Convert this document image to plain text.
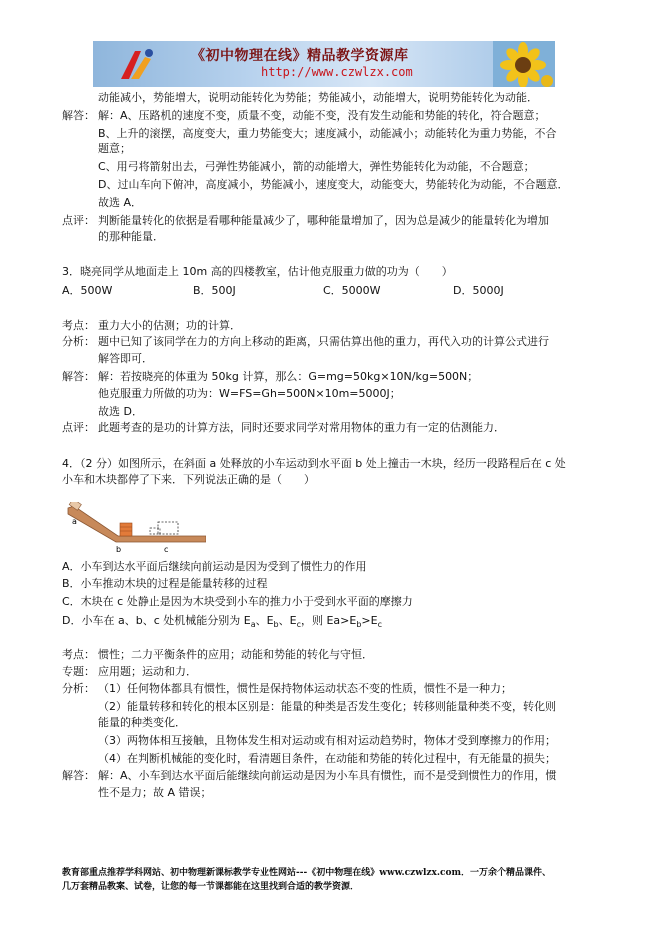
《初中物理在线》精品教学资源库
http://www.czwlzx.com
动能减小，势能增大，说明动能转化为势能；势能减小，动能增大，说明势能转化为动能．
解答： 解：A、压路机的速度不变，质量不变，动能不变，没有发生动能和势能的转化，符合题意；
B、上升的滚摆，高度变大，重力势能变大；速度减小，动能减小；动能转化为重力势能，不合
题意；
C、用弓将箭射出去，弓弹性势能减小，箭的动能增大，弹性势能转化为动能，不合题意；
D、过山车向下俯冲，高度减小，势能减小，速度变大，动能变大，势能转化为动能，不合题意．
故选 A．
点评： 判断能量转化的依据是看哪种能量减少了，哪种能量增加了，因为总是减少的能量转化为增加
的那种能量．
3．晓亮同学从地面走上 10m 高的四楼教室，估计他克服重力做的功为（　　）
A．500W	B．500J	C．5000W	D．5000J
考点： 重力大小的估测；功的计算．
分析： 题中已知了该同学在力的方向上移动的距离，只需估算出他的重力，再代入功的计算公式进行
解答即可．
解答： 解：若按晓亮的体重为 50kg 计算，那么：G=mg=50kg×10N/kg=500N；
他克服重力所做的功为：W=FS=Gh=500N×10m=5000J；
故选 D．
点评： 此题考查的是功的计算方法，同时还要求同学对常用物体的重力有一定的估测能力．
4．（2 分）如图所示，在斜面 a 处释放的小车运动到水平面 b 处上撞击一木块，经历一段路程后在 c 处
小车和木块都停了下来．下列说法正确的是（　　）
a
b	c
A．小车到达水平面后继续向前运动是因为受到了惯性力的作用
B．小车推动木块的过程是能量转移的过程
C．木块在 c 处静止是因为木块受到小车的推力小于受到水平面的摩擦力
D．小车在 a、b、c 处机械能分别为 $E_a$、$E_b$、$E_c$，则 $Ea>E_b>E_c$
考点： 惯性；二力平衡条件的应用；动能和势能的转化与守恒．
专题： 应用题；运动和力．
分析： （1）任何物体都具有惯性，惯性是保持物体运动状态不变的性质，惯性不是一种力；
（2）能量转移和转化的根本区别是：能量的种类是否发生变化；转移则能量种类不变，转化则
能量的种类变化．
（3）两物体相互接触，且物体发生相对运动或有相对运动趋势时，物体才受到摩擦力的作用；
（4）在判断机械能的变化时，看清题目条件，在动能和势能的转化过程中，有无能量的损失；
解答： 解：A、小车到达水平面后能继续向前运动是因为小车具有惯性，而不是受到惯性力的作用，惯
性不是力；故 A 错误；
教育部重点推荐学科网站、初中物理新课标教学专业性网站---《初中物理在线》www.czwlzx.com．一万余个精品课件、
几万套精品教案、试卷，让您的每一节课都能在这里找到合适的教学资源．
